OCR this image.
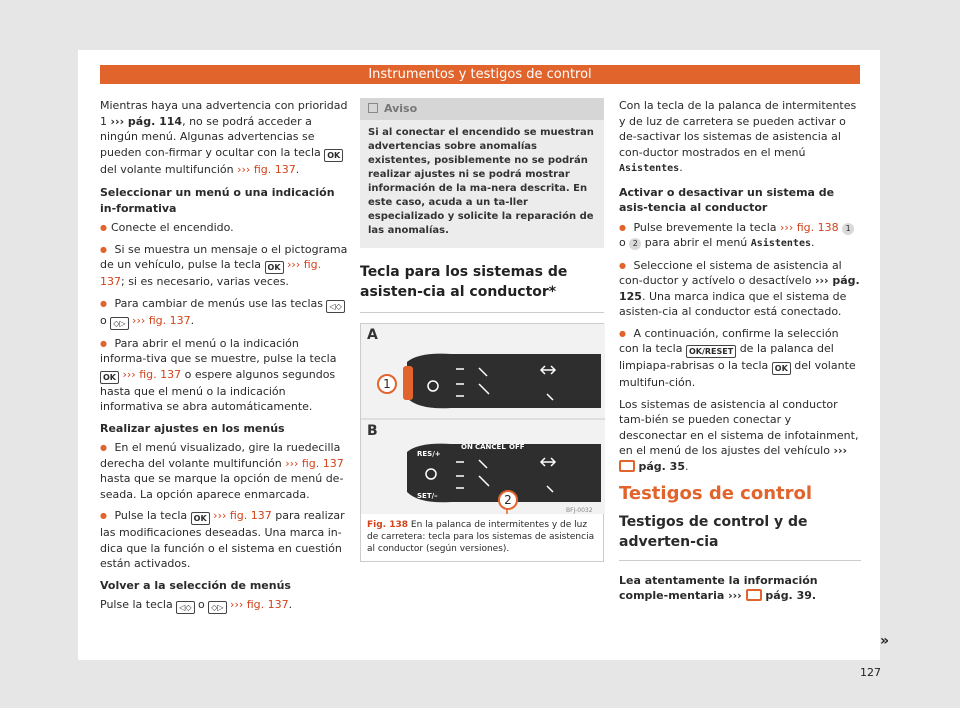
Instrumentos y testigos de control

Mientras haya una advertencia con prioridad 1 ››› pág. 114, no se podrá acceder a ningún menú. Algunas advertencias se pueden con-firmar y ocultar con la tecla OK del volante multifunción ››› fig. 137.

Seleccionar un menú o una indicación in-formativa

● Conecte el encendido.

● Si se muestra un mensaje o el pictograma de un vehículo, pulse la tecla OK ››› fig. 137; si es necesario, varias veces.

● Para cambiar de menús use las teclas ◁◇ o ◇▷ ››› fig. 137.

● Para abrir el menú o la indicación informa-tiva que se muestre, pulse la tecla OK ››› fig. 137 o espere algunos segundos hasta que el menú o la indicación informativa se abra automáticamente.

Realizar ajustes en los menús

● En el menú visualizado, gire la ruedecilla derecha del volante multifunción ››› fig. 137 hasta que se marque la opción de menú de-seada. La opción aparece enmarcada.

● Pulse la tecla OK ››› fig. 137 para realizar las modificaciones deseadas. Una marca in-dica que la función o el sistema en cuestión están activados.

Volver a la selección de menús

Pulse la tecla ◁◇ o ◇▷ ››› fig. 137.

Aviso
Si al conectar el encendido se muestran advertencias sobre anomalías existentes, posiblemente no se podrán realizar ajustes ni se podrá mostrar información de la ma-nera descrita. En este caso, acuda a un ta-ller especializado y solicite la reparación de las anomalías.
Tecla para los sistemas de asisten-cia al conductor*
RES/+
SET/–
ON CANCEL OFF
BFJ-0032
A
B
1
2
Fig. 138 En la palanca de intermitentes y de luz de carretera: tecla para los sistemas de asistencia al conductor (según versiones).

Con la tecla de la palanca de intermitentes y de luz de carretera se pueden activar o de-sactivar los sistemas de asistencia al con-ductor mostrados en el menú Asistentes.

Activar o desactivar un sistema de asis-tencia al conductor

● Pulse brevemente la tecla ››› fig. 138 1 o 2 para abrir el menú Asistentes.

● Seleccione el sistema de asistencia al con-ductor y actívelo o desactívelo ››› pág. 125. Una marca indica que el sistema de asisten-cia al conductor está conectado.

● A continuación, confirme la selección con la tecla OK/RESET de la palanca del limpiapa-rabrisas o la tecla OK del volante multifun-ción.

Los sistemas de asistencia al conductor tam-bién se pueden conectar y desconectar en el sistema de infotainment, en el menú de los ajustes del vehículo ›››  pág. 35.

Testigos de control
Testigos de control y de adverten-cia

Lea atentamente la información comple-mentaria ››› pág. 39.

»
127
